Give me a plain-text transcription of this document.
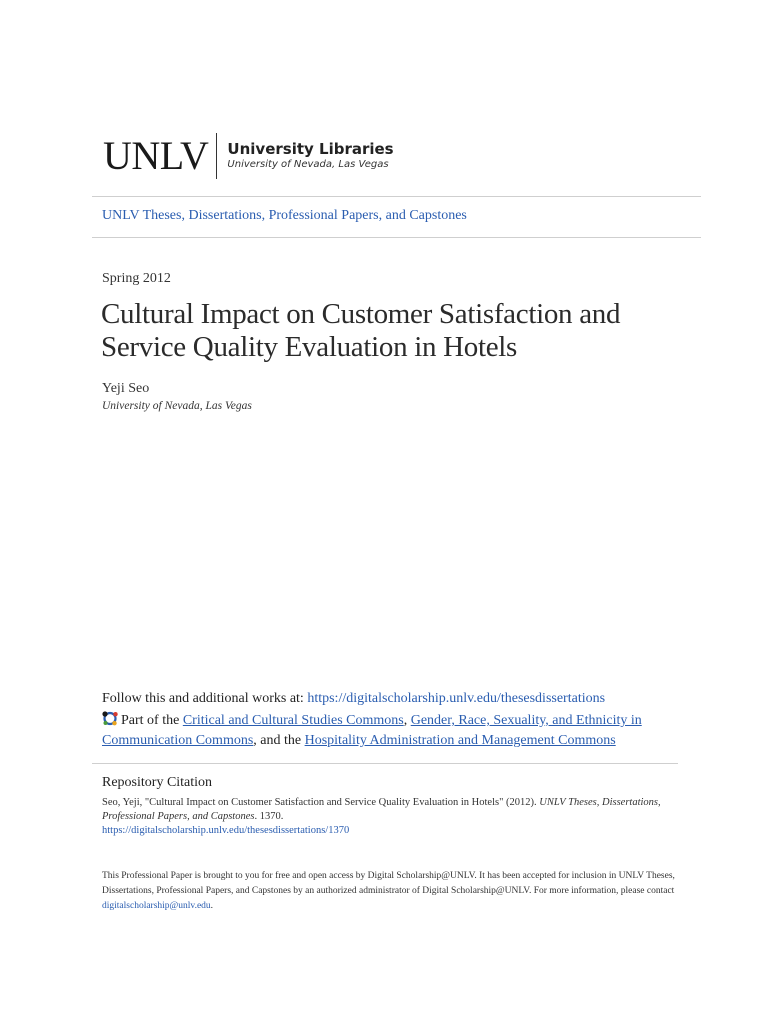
UNLV University Libraries
University of Nevada, Las Vegas
UNLV Theses, Dissertations, Professional Papers, and Capstones
Spring 2012
Cultural Impact on Customer Satisfaction and Service Quality Evaluation in Hotels
Yeji Seo
University of Nevada, Las Vegas
Follow this and additional works at: https://digitalscholarship.unlv.edu/thesesdissertations
Part of the Critical and Cultural Studies Commons, Gender, Race, Sexuality, and Ethnicity in Communication Commons, and the Hospitality Administration and Management Commons
Repository Citation
Seo, Yeji, "Cultural Impact on Customer Satisfaction and Service Quality Evaluation in Hotels" (2012). UNLV Theses, Dissertations, Professional Papers, and Capstones. 1370.
https://digitalscholarship.unlv.edu/thesesdissertations/1370
This Professional Paper is brought to you for free and open access by Digital Scholarship@UNLV. It has been accepted for inclusion in UNLV Theses, Dissertations, Professional Papers, and Capstones by an authorized administrator of Digital Scholarship@UNLV. For more information, please contact
digitalscholarship@unlv.edu.
